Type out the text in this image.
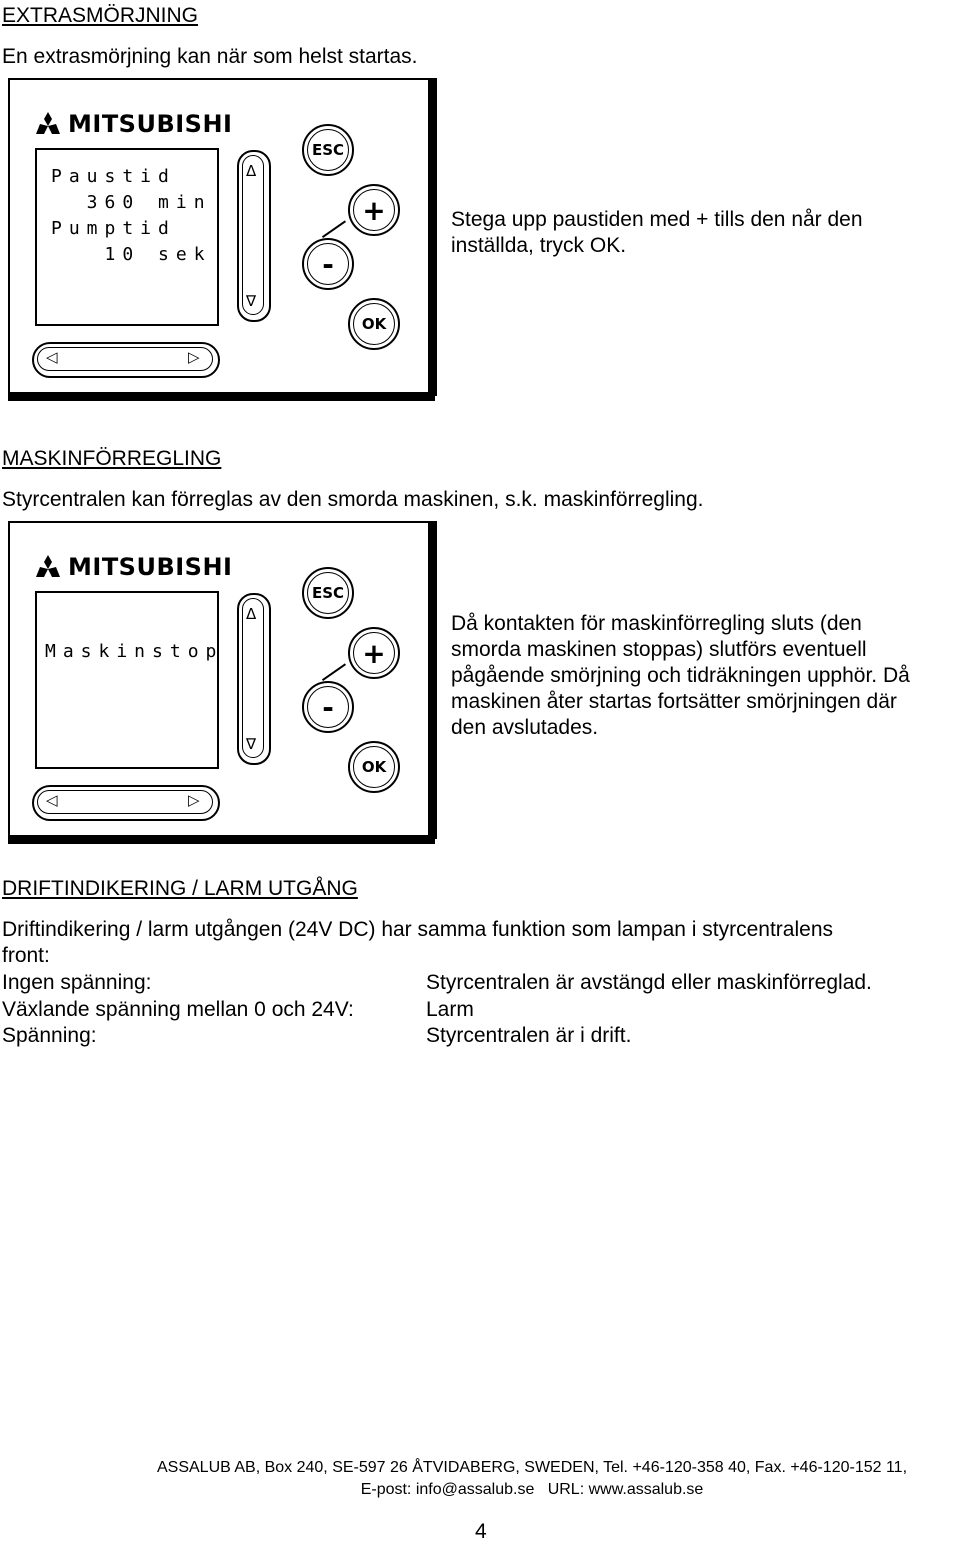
EXTRASMÖRJNING
En extrasmörjning kan när som helst startas.
MITSUBISHI
Paustid
360 min
Pumptid
10 sek
Δ
∇
◁	▷
ESC
+
-
OK
Stega upp paustiden med + tills den når den
inställda, tryck OK.
MASKINFÖRREGLING
Styrcentralen kan förreglas av den smorda maskinen, s.k. maskinförregling.
MITSUBISHI
Maskinstop
Δ
∇
◁	▷
ESC
+
-
OK
Då kontakten för maskinförregling sluts (den
smorda maskinen stoppas) slutförs eventuell
pågående smörjning och tidräkningen upphör. Då
maskinen åter startas fortsätter smörjningen där
den avslutades.
DRIFTINDIKERING / LARM UTGÅNG
Driftindikering / larm utgången (24V DC) har samma funktion som lampan i styrcentralens
front:
Ingen spänning:	Styrcentralen är avstängd eller maskinförreglad.
Växlande spänning mellan 0 och 24V:	Larm
Spänning:	Styrcentralen är i drift.
ASSALUB AB, Box 240, SE-597 26 ÅTVIDABERG, SWEDEN, Tel. +46-120-358 40, Fax. +46-120-152 11,
E-post: info@assalub.se   URL: www.assalub.se
4
